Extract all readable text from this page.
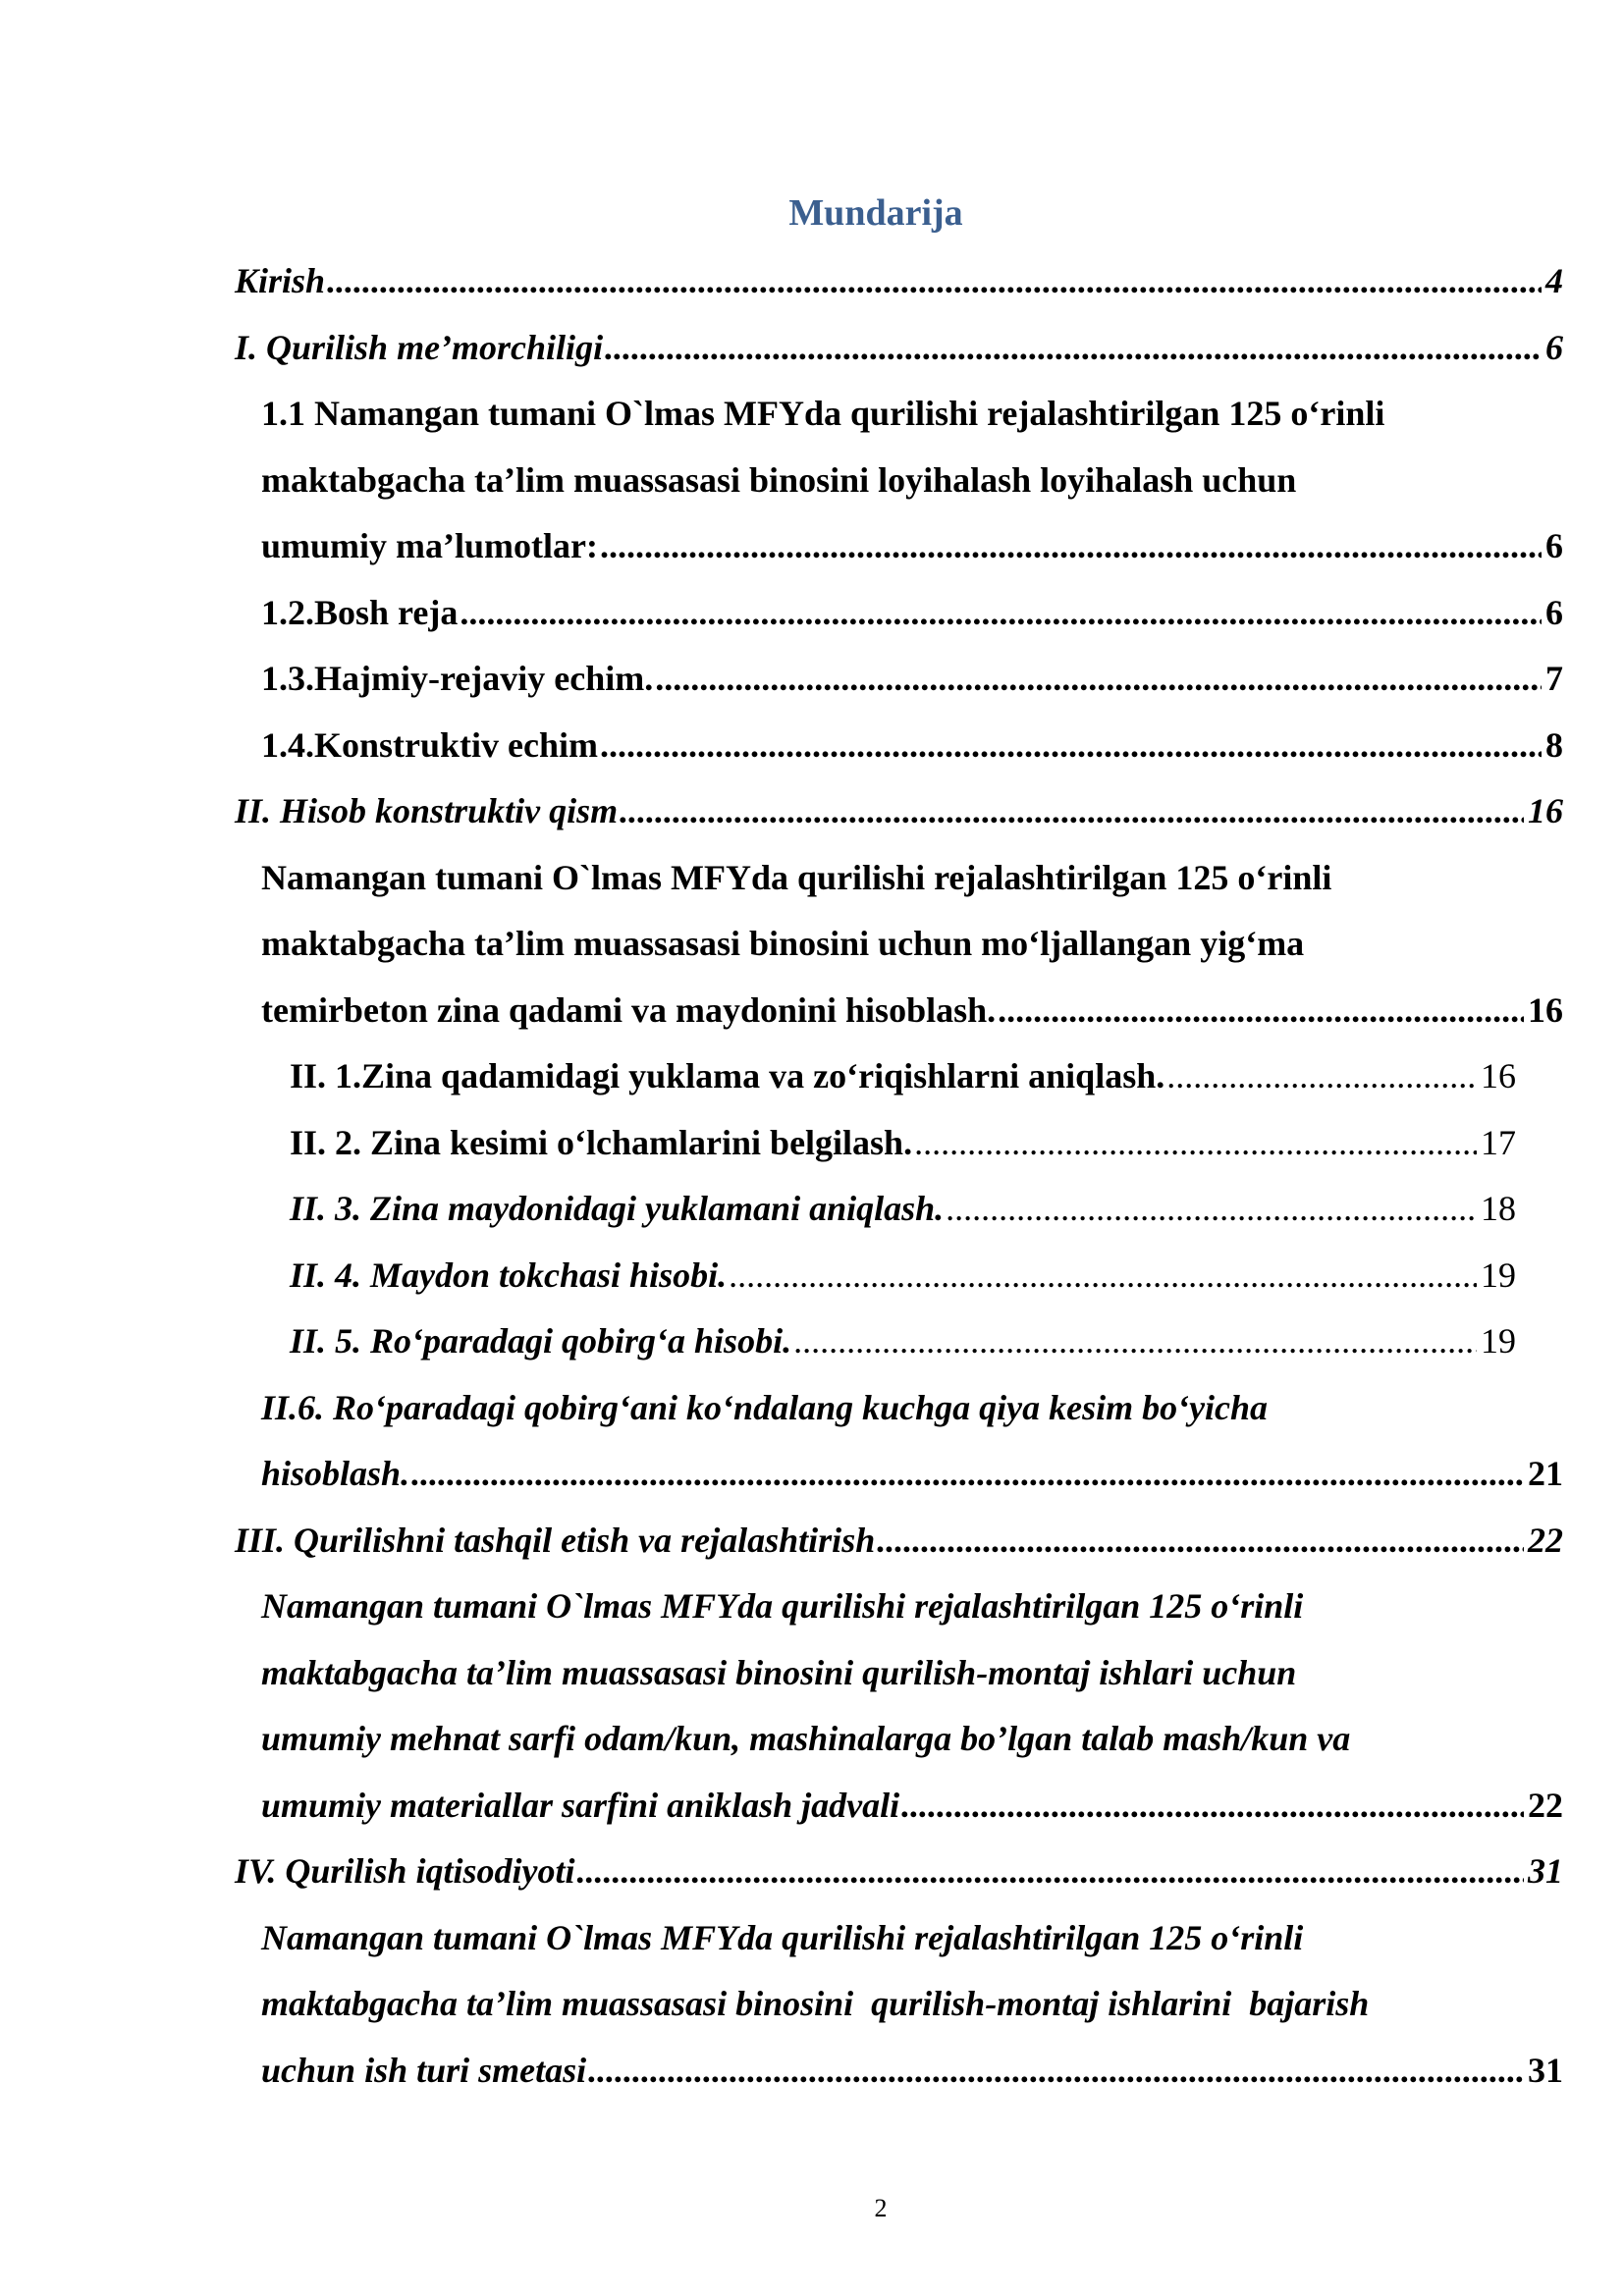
Mundarija
Kirish .....	4
I. Qurilish me’morchiligi .....	6
1.1 Namangan tumani O`lmas MFYda qurilishi rejalashtirilgan 125 o‘rinli
maktabgacha ta’lim muassasasi binosini loyihalash loyihalash uchun
umumiy ma’lumotlar: .....	6
1.2.Bosh reja .....	6
1.3.Hajmiy-rejaviy echim. .....	7
1.4.Konstruktiv echim .....	8
II. Hisob konstruktiv qism .....	16
Namangan tumani O`lmas MFYda qurilishi rejalashtirilgan 125 o‘rinli
maktabgacha ta’lim muassasasi binosini uchun mo‘ljallangan yig‘ma
temirbeton zina qadami va maydonini hisoblash. .....	16
II. 1.Zina qadamidagi yuklama va zo‘riqishlarni aniqlash. .....	16
II. 2. Zina kesimi o‘lchamlarini belgilash. .....	17
II. 3. Zina maydonidagi yuklamani aniqlash. .....	18
II. 4. Maydon tokchasi hisobi. .....	19
II. 5. Ro‘paradagi qobirg‘a hisobi. .....	19
II.6. Ro‘paradagi qobirg‘ani ko‘ndalang kuchga qiya kesim bo‘yicha
hisoblash. .....	21
III. Qurilishni tashqil etish va rejalashtirish .....	22
Namangan tumani O`lmas MFYda qurilishi rejalashtirilgan 125 o‘rinli
maktabgacha ta’lim muassasasi binosini qurilish-montaj ishlari uchun
umumiy mehnat sarfi odam/kun, mashinalarga bo’lgan talab mash/kun va
umumiy materiallar sarfini aniklash jadvali .....	22
IV. Qurilish iqtisodiyoti .....	31
Namangan tumani O`lmas MFYda qurilishi rejalashtirilgan 125 o‘rinli
maktabgacha ta’lim muassasasi binosini  qurilish-montaj ishlarini  bajarish
uchun ish turi smetasi .....	31
2
